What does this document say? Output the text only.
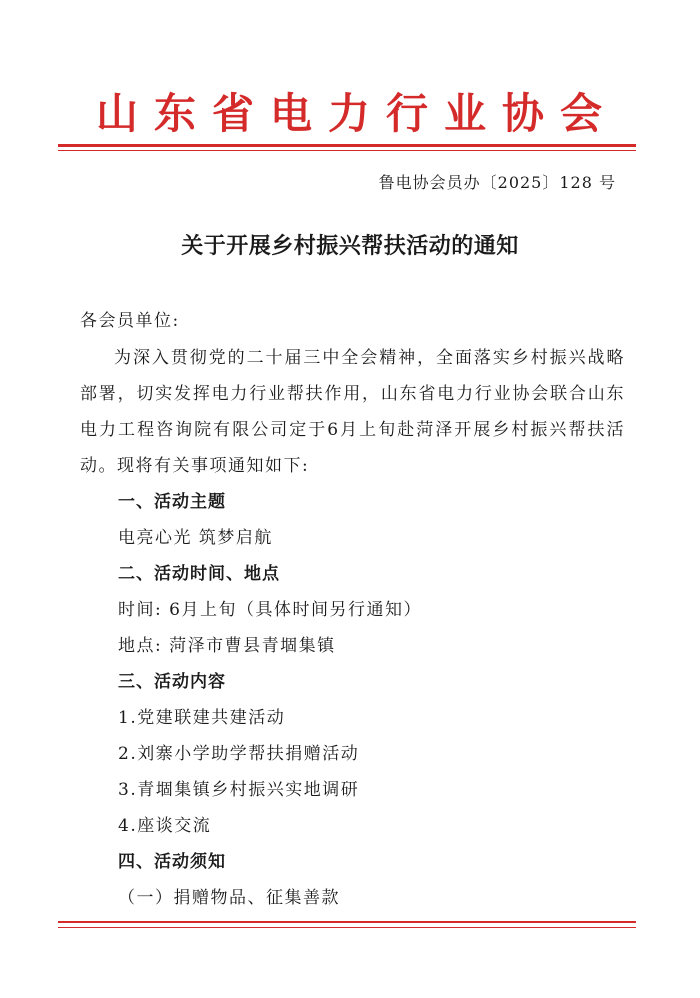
山东省电力行业协会
鲁电协会员办〔2025〕128 号
关于开展乡村振兴帮扶活动的通知
各会员单位:
为深入贯彻党的二十届三中全会精神，全面落实乡村振兴战略部署，切实发挥电力行业帮扶作用，山东省电力行业协会联合山东电力工程咨询院有限公司定于6月上旬赴菏泽开展乡村振兴帮扶活动。现将有关事项通知如下:
一、活动主题
电亮心光 筑梦启航
二、活动时间、地点
时间: 6月上旬（具体时间另行通知）
地点: 菏泽市曹县青堌集镇
三、活动内容
1.党建联建共建活动
2.刘寨小学助学帮扶捐赠活动
3.青堌集镇乡村振兴实地调研
4.座谈交流
四、活动须知
（一）捐赠物品、征集善款
